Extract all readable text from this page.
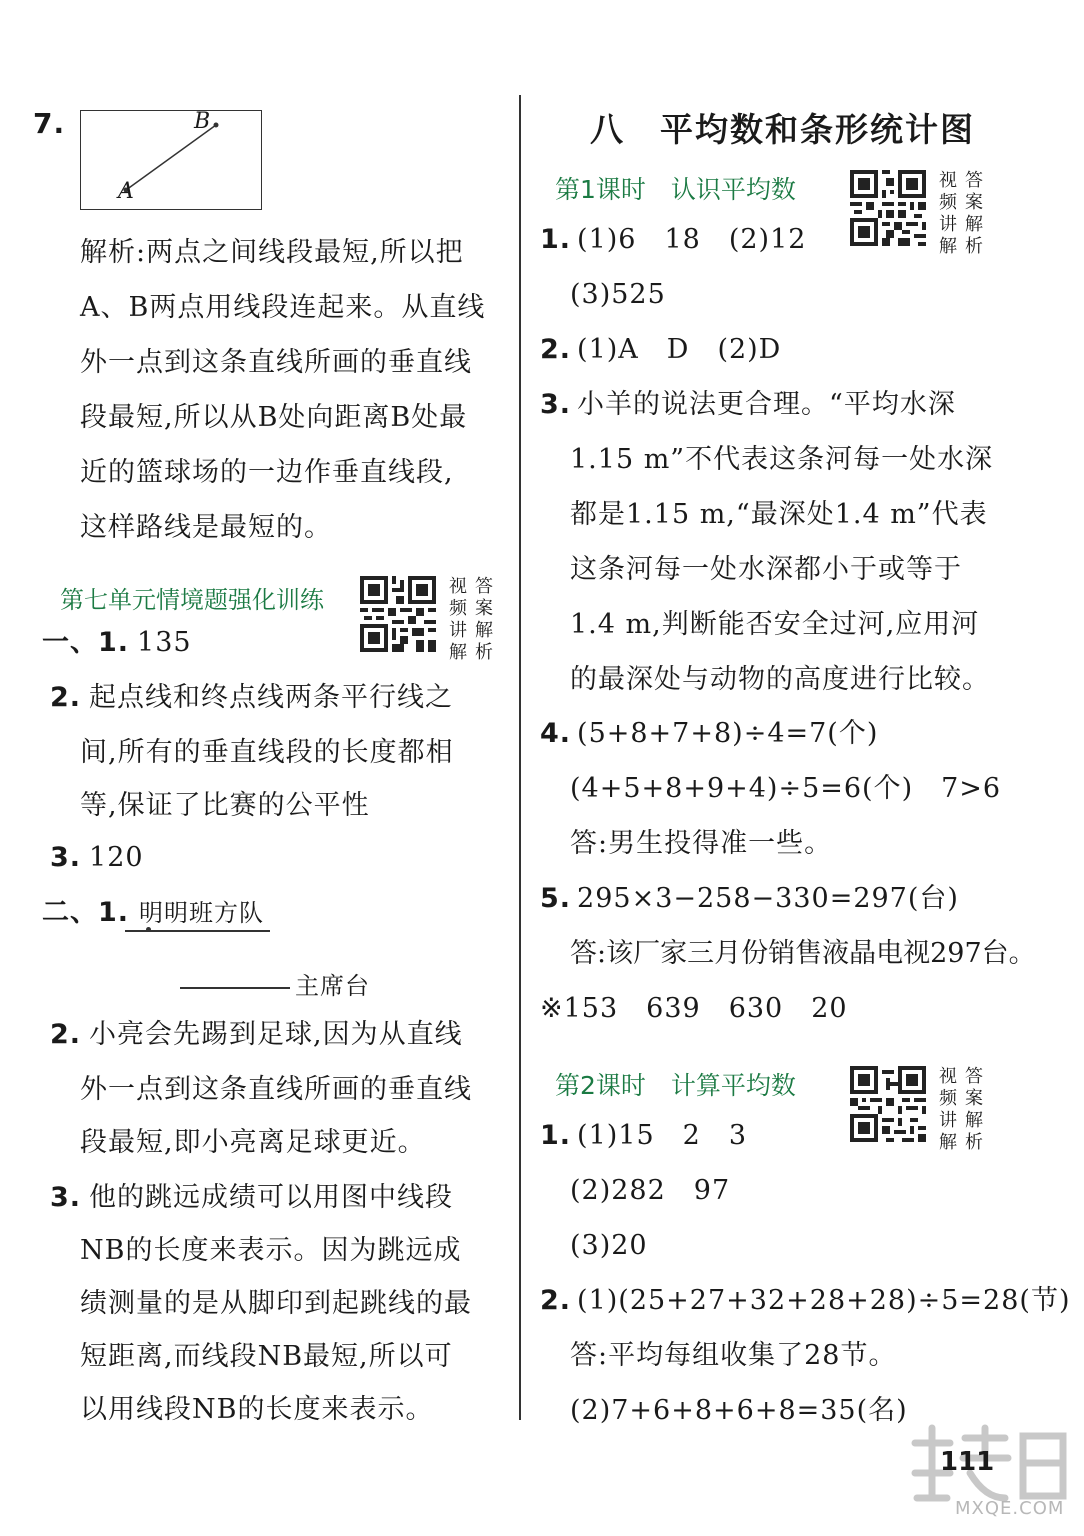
7.	B
A
解析:两点之间线段最短,所以把
A、B两点用线段连起来。从直线
外一点到这条直线所画的垂直线
段最短,所以从B处向距离B处最
近的篮球场的一边作垂直线段,
这样路线是最短的。
第七单元情境题强化训练	视 答频 案讲 解解 析
一、1. 135
2. 起点线和终点线两条平行线之
间,所有的垂直线段的长度都相
等,保证了比赛的公平性
3. 120
二、1. 明明班方队
主席台
2. 小亮会先踢到足球,因为从直线
外一点到这条直线所画的垂直线
段最短,即小亮离足球更近。
3. 他的跳远成绩可以用图中线段
NB的长度来表示。因为跳远成
绩测量的是从脚印到起跳线的最
短距离,而线段NB最短,所以可
以用线段NB的长度来表示。
八　平均数和条形统计图
第1课时　认识平均数	视 答频 案讲 解解 析
1. (1)6　18　(2)12
(3)525
2. (1)A　D　(2)D
3. 小羊的说法更合理。“平均水深
1.15 m”不代表这条河每一处水深
都是1.15 m,“最深处1.4 m”代表
这条河每一处水深都小于或等于
1.4 m,判断能否安全过河,应用河
的最深处与动物的高度进行比较。
4. (5+8+7+8)÷4=7(个)
(4+5+8+9+4)÷5=6(个)　7>6
答:男生投得准一些。
5. 295×3−258−330=297(台)
答:该厂家三月份销售液晶电视297台。
※153　639　630　20
第2课时　计算平均数	视 答频 案讲 解解 析
1. (1)15　2　3
(2)282　97
(3)20
2. (1)(25+27+32+28+28)÷5=28(节)
答:平均每组收集了28节。
(2)7+6+8+6+8=35(名)
111
MXQE.COM
